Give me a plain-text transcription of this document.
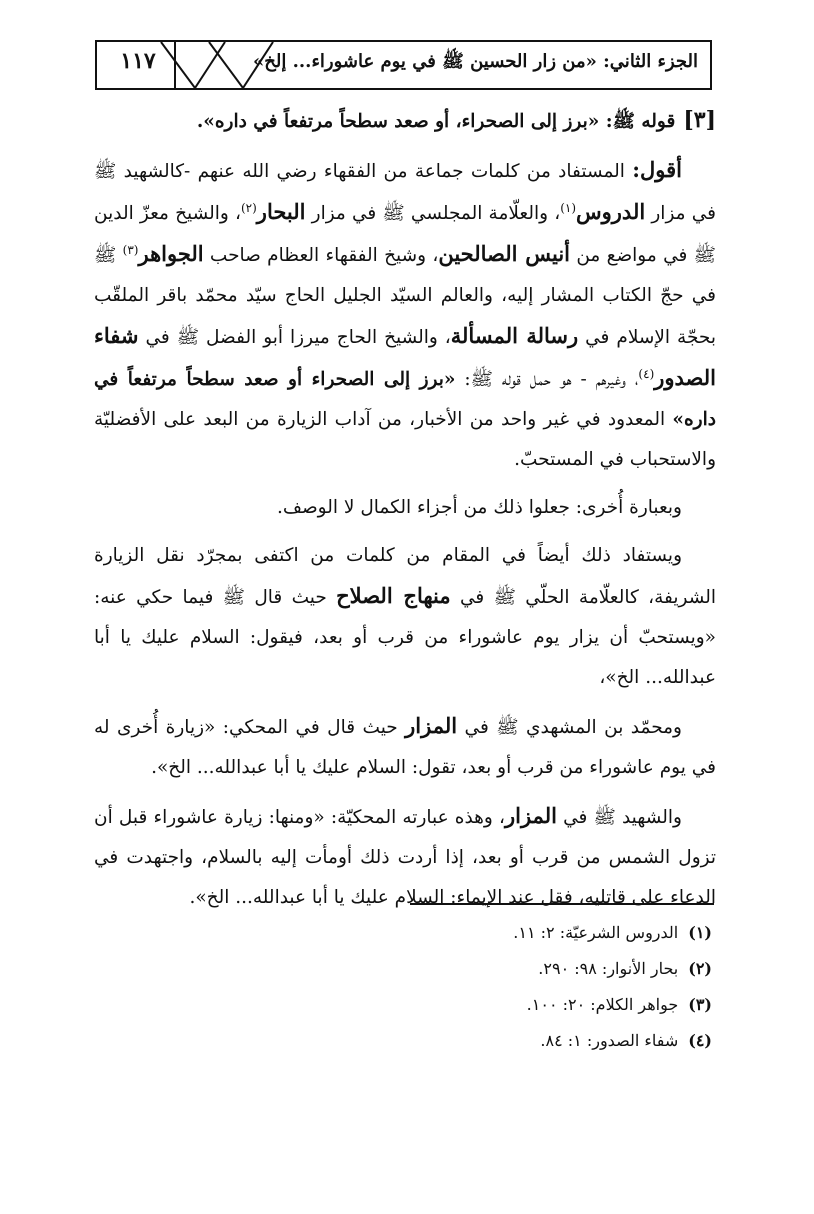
١١٧	الجزء الثاني: «من زار الحسين ﷺ في يوم عاشوراء... إلخ»

[٣]قوله ﷺ: «برز إلى الصحراء، أو صعد سطحاً مرتفعاً في داره».

أقول: المستفاد من كلمات جماعة من الفقهاء رضي الله عنهم -كالشهيد ﷺ في مزار الدروس$^{(١)}$، والعلّامة المجلسي ﷺ في مزار البحار$^{(٢)}$، والشيخ معزّ الدين ﷺ في مواضع من أنيس الصالحين، وشيخ الفقهاء العظام صاحب الجواهر$^{(٣)}$ ﷺ في حجّ الكتاب المشار إليه، والعالم السيّد الجليل الحاج سيّد محمّد باقر الملقّب بحجّة الإسلام في رسالة المسألة، والشيخ الحاج ميرزا أبو الفضل ﷺ في شفاء الصدور$^{(٤)}$، وغيرهم - هو حمل قوله ﷺ: «برز إلى الصحراء أو صعد سطحاً مرتفعاً في داره» المعدود في غير واحد من الأخبار، من آداب الزيارة من البعد على الأفضليّة والاستحباب في المستحبّ.

وبعبارة أُخرى: جعلوا ذلك من أجزاء الكمال لا الوصف.

ويستفاد ذلك أيضاً في المقام من كلمات من اكتفى بمجرّد نقل الزيارة الشريفة، كالعلّامة الحلّي ﷺ في منهاج الصلاح حيث قال ﷺ فيما حكي عنه: «ويستحبّ أن يزار يوم عاشوراء من قرب أو بعد، فيقول: السلام عليك يا أبا عبدالله... الخ»،

ومحمّد بن المشهدي ﷺ في المزار حيث قال في المحكي: «زيارة أُخرى له في يوم عاشوراء من قرب أو بعد، تقول: السلام عليك يا أبا عبدالله... الخ».

والشهيد ﷺ في المزار، وهذه عبارته المحكيّة: «ومنها: زيارة عاشوراء قبل أن تزول الشمس من قرب أو بعد، إذا أردت ذلك أومأت إليه بالسلام، واجتهدت في الدعاء على قاتليه، فقل عند الإيماء: السلام عليك يا أبا عبدالله... الخ».

(١)الدروس الشرعيّة: ٢: ١١.
(٢)بحار الأنوار: ٩٨: ٢٩٠.
(٣)جواهر الكلام: ٢٠: ١٠٠.
(٤)شفاء الصدور: ١: ٨٤.
